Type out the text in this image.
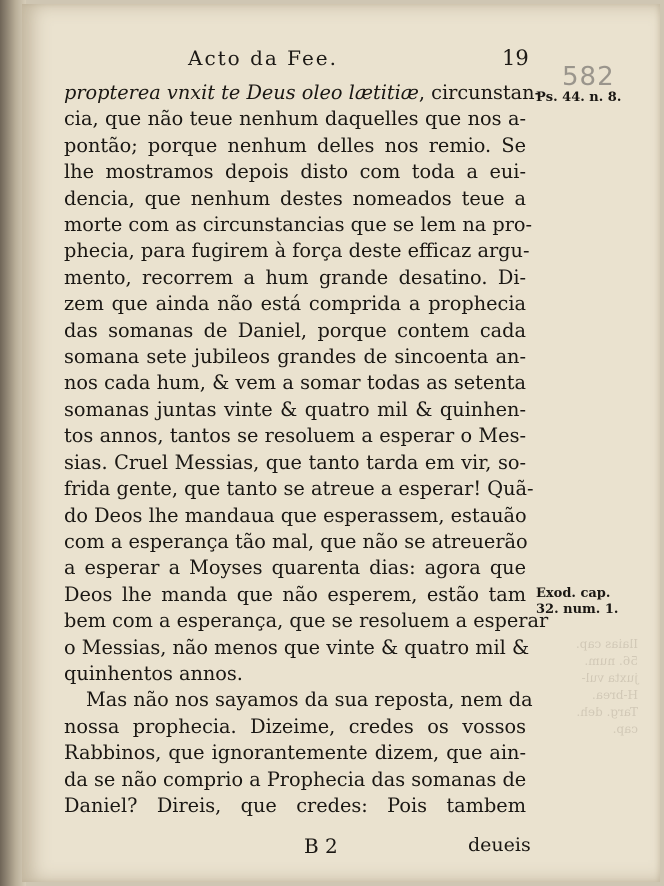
 Ilaias cap.
 56. num.
 juxta vul-
 H-brea.
 Targ. deh.
 cap.
Acto da Fee.	19
582
propterea vnxit te Deus oleo lætitiæ, circunstan-
cia, que não teue nenhum daquelles que nos a-
pontão; porque nenhum delles nos remio. Se
lhe mostramos depois disto com toda a eui-
dencia, que nenhum destes nomeados teue a
morte com as circunstancias que se lem na pro-
phecia, para fugirem à força deste efficaz argu-
mento, recorrem a hum grande desatino. Di-
zem que ainda não está comprida a prophecia
das somanas de Daniel, porque contem cada
somana sete jubileos grandes de sincoenta an-
nos cada hum, & vem a somar todas as setenta
somanas juntas vinte & quatro mil & quinhen-
tos annos, tantos se resoluem a esperar o Mes-
sias. Cruel Messias, que tanto tarda em vir, so-
frida gente, que tanto se atreue a esperar! Quã-
do Deos lhe mandaua que esperassem, estauão
com a esperança tão mal, que não se atreuerão
a esperar a Moyses quarenta dias: agora que
Deos lhe manda que não esperem, estão tam
bem com a esperança, que se resoluem a esperar
o Messias, não menos que vinte & quatro mil &
quinhentos annos.
Mas não nos sayamos da sua reposta, nem da
nossa prophecia. Dizeime, credes os vossos
Rabbinos, que ignorantemente dizem, que ain-
da se não comprio a Prophecia das somanas de
Daniel? Direis, que credes: Pois tambem
Ps. 44. n. 8.
Exod. cap.
32. num. 1.
B 2	deueis
